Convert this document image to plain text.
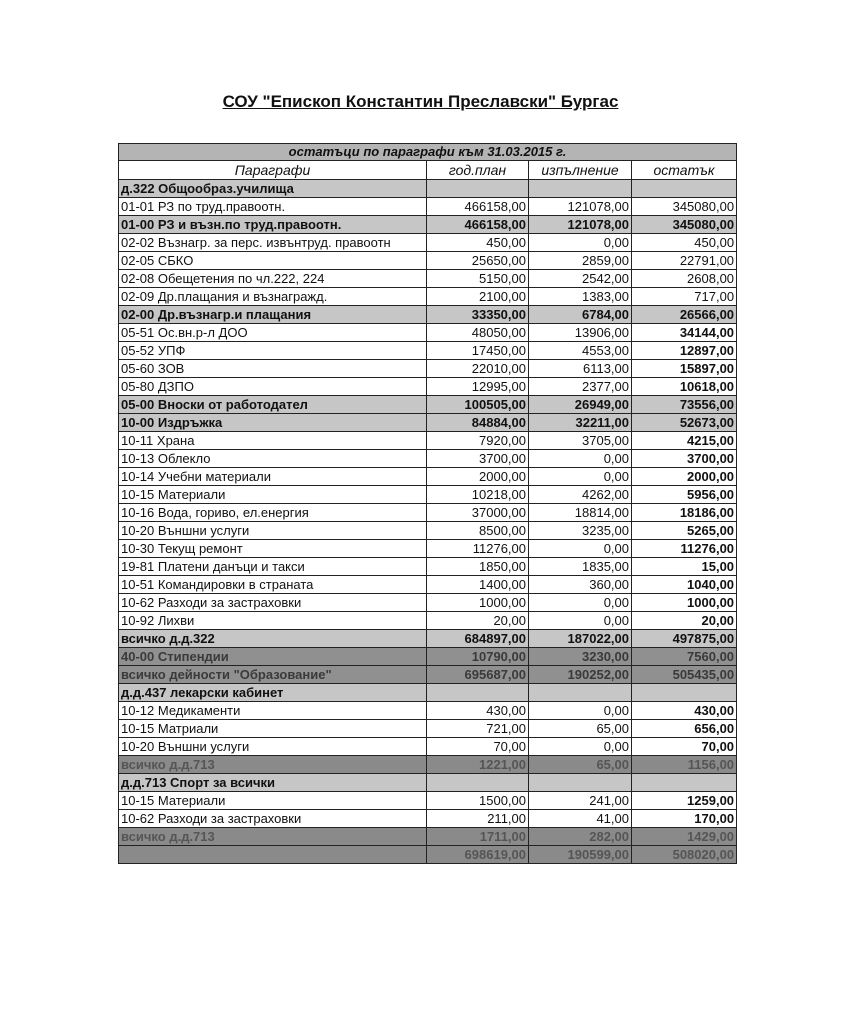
СОУ "Епископ Константин Преславски" Бургас
остатъци по параграфи към 31.03.2015 г.			
Параграфи	год.план	изпълнение	остатък
д.322 Общообраз.училища			
01-01 РЗ по труд.правоотн.	466158,00	121078,00	345080,00
01-00 РЗ и възн.по труд.правоотн.	466158,00	121078,00	345080,00
02-02 Възнагр. за перс. извънтруд. правоотн	450,00	0,00	450,00
02-05 СБКО	25650,00	2859,00	22791,00
02-08 Обещетения по чл.222, 224	5150,00	2542,00	2608,00
02-09 Др.плащания и възнагражд.	2100,00	1383,00	717,00
02-00 Др.възнагр.и плащания	33350,00	6784,00	26566,00
05-51 Ос.вн.р-л ДОО	48050,00	13906,00	34144,00
05-52 УПФ	17450,00	4553,00	12897,00
05-60 ЗОВ	22010,00	6113,00	15897,00
05-80 ДЗПО	12995,00	2377,00	10618,00
05-00 Вноски от работодател	100505,00	26949,00	73556,00
10-00 Издръжка	84884,00	32211,00	52673,00
10-11 Храна	7920,00	3705,00	4215,00
10-13 Облекло	3700,00	0,00	3700,00
10-14 Учебни материали	2000,00	0,00	2000,00
10-15 Материали	10218,00	4262,00	5956,00
10-16 Вода, гориво, ел.енергия	37000,00	18814,00	18186,00
10-20 Външни услуги	8500,00	3235,00	5265,00
10-30 Текущ ремонт	11276,00	0,00	11276,00
19-81 Платени данъци и такси	1850,00	1835,00	15,00
10-51 Командировки в страната	1400,00	360,00	1040,00
10-62 Разходи за застраховки	1000,00	0,00	1000,00
10-92 Лихви	20,00	0,00	20,00
всичко д.д.322	684897,00	187022,00	497875,00
40-00 Стипендии	10790,00	3230,00	7560,00
всичко дейности "Образование"	695687,00	190252,00	505435,00
д.д.437 лекарски кабинет			
10-12 Медикаменти	430,00	0,00	430,00
10-15 Матриали	721,00	65,00	656,00
10-20 Външни услуги	70,00	0,00	70,00
всичко д.д.713	1221,00	65,00	1156,00
д.д.713 Спорт за всички			
10-15 Материали	1500,00	241,00	1259,00
10-62 Разходи за застраховки	211,00	41,00	170,00
всичко д.д.713	1711,00	282,00	1429,00
	698619,00	190599,00	508020,00
